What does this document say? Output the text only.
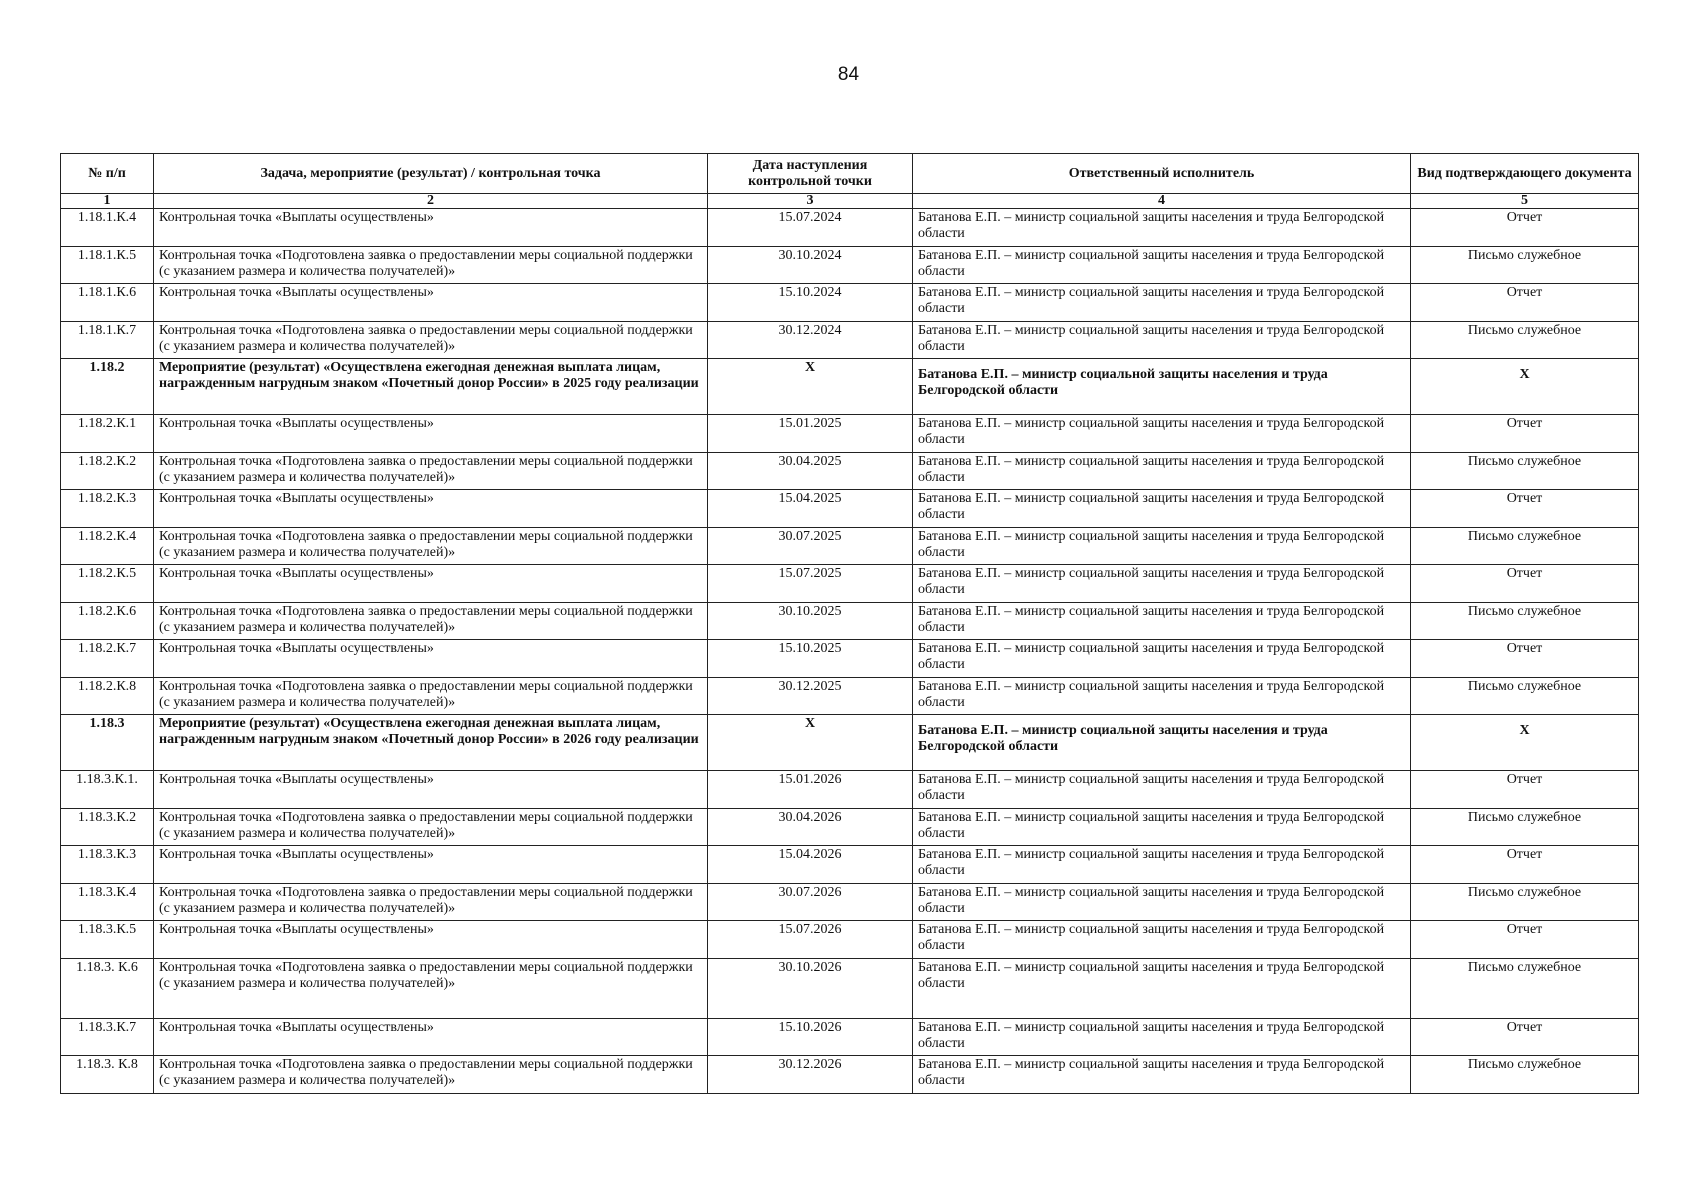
84
№ п/п	Задача, мероприятие (результат) / контрольная точка	Дата наступления контрольной точки	Ответственный исполнитель	Вид подтверждающего документа
1	2	3	4	5
1.18.1.К.4	Контрольная точка «Выплаты осуществлены»	15.07.2024	Батанова Е.П. – министр социальной защиты населения и труда Белгородской области	Отчет
1.18.1.К.5	Контрольная точка «Подготовлена заявка о предоставлении меры социальной поддержки (с указанием размера и количества получателей)»	30.10.2024	Батанова Е.П. – министр социальной защиты населения и труда Белгородской области	Письмо служебное
1.18.1.К.6	Контрольная точка «Выплаты осуществлены»	15.10.2024	Батанова Е.П. – министр социальной защиты населения и труда Белгородской области	Отчет
1.18.1.К.7	Контрольная точка «Подготовлена заявка о предоставлении меры социальной поддержки (с указанием размера и количества получателей)»	30.12.2024	Батанова Е.П. – министр социальной защиты населения и труда Белгородской области	Письмо служебное
1.18.2	Мероприятие (результат) «Осуществлена ежегодная денежная выплата лицам, награжденным нагрудным знаком «Почетный донор России» в 2025 году реализации	Х	Батанова Е.П. – министр социальной защиты населения и труда Белгородской области	Х
1.18.2.К.1	Контрольная точка «Выплаты осуществлены»	15.01.2025	Батанова Е.П. – министр социальной защиты населения и труда Белгородской области	Отчет
1.18.2.К.2	Контрольная точка «Подготовлена заявка о предоставлении меры социальной поддержки (с указанием размера и количества получателей)»	30.04.2025	Батанова Е.П. – министр социальной защиты населения и труда Белгородской области	Письмо служебное
1.18.2.К.3	Контрольная точка «Выплаты осуществлены»	15.04.2025	Батанова Е.П. – министр социальной защиты населения и труда Белгородской области	Отчет
1.18.2.К.4	Контрольная точка «Подготовлена заявка о предоставлении меры социальной поддержки (с указанием размера и количества получателей)»	30.07.2025	Батанова Е.П. – министр социальной защиты населения и труда Белгородской области	Письмо служебное
1.18.2.К.5	Контрольная точка «Выплаты осуществлены»	15.07.2025	Батанова Е.П. – министр социальной защиты населения и труда Белгородской области	Отчет
1.18.2.К.6	Контрольная точка «Подготовлена заявка о предоставлении меры социальной поддержки (с указанием размера и количества получателей)»	30.10.2025	Батанова Е.П. – министр социальной защиты населения и труда Белгородской области	Письмо служебное
1.18.2.К.7	Контрольная точка «Выплаты осуществлены»	15.10.2025	Батанова Е.П. – министр социальной защиты населения и труда Белгородской области	Отчет
1.18.2.К.8	Контрольная точка «Подготовлена заявка о предоставлении меры социальной поддержки (с указанием размера и количества получателей)»	30.12.2025	Батанова Е.П. – министр социальной защиты населения и труда Белгородской области	Письмо служебное
1.18.3	Мероприятие (результат) «Осуществлена ежегодная денежная выплата лицам, награжденным нагрудным знаком «Почетный донор России» в 2026 году реализации	Х	Батанова Е.П. – министр социальной защиты населения и труда Белгородской области	Х
1.18.3.К.1.	Контрольная точка «Выплаты осуществлены»	15.01.2026	Батанова Е.П. – министр социальной защиты населения и труда Белгородской области	Отчет
1.18.3.К.2	Контрольная точка «Подготовлена заявка о предоставлении меры социальной поддержки (с указанием размера и количества получателей)»	30.04.2026	Батанова Е.П. – министр социальной защиты населения и труда Белгородской области	Письмо служебное
1.18.3.К.3	Контрольная точка «Выплаты осуществлены»	15.04.2026	Батанова Е.П. – министр социальной защиты населения и труда Белгородской области	Отчет
1.18.3.К.4	Контрольная точка «Подготовлена заявка о предоставлении меры социальной поддержки (с указанием размера и количества получателей)»	30.07.2026	Батанова Е.П. – министр социальной защиты населения и труда Белгородской области	Письмо служебное
1.18.3.К.5	Контрольная точка «Выплаты осуществлены»	15.07.2026	Батанова Е.П. – министр социальной защиты населения и труда Белгородской области	Отчет
1.18.3. К.6	Контрольная точка «Подготовлена заявка о предоставлении меры социальной поддержки (с указанием размера и количества получателей)»	30.10.2026	Батанова Е.П. – министр социальной защиты населения и труда Белгородской области	Письмо служебное
1.18.3.К.7	Контрольная точка «Выплаты осуществлены»	15.10.2026	Батанова Е.П. – министр социальной защиты населения и труда Белгородской области	Отчет
1.18.3. К.8	Контрольная точка «Подготовлена заявка о предоставлении меры социальной поддержки (с указанием размера и количества получателей)»	30.12.2026	Батанова Е.П. – министр социальной защиты населения и труда Белгородской области	Письмо служебное
